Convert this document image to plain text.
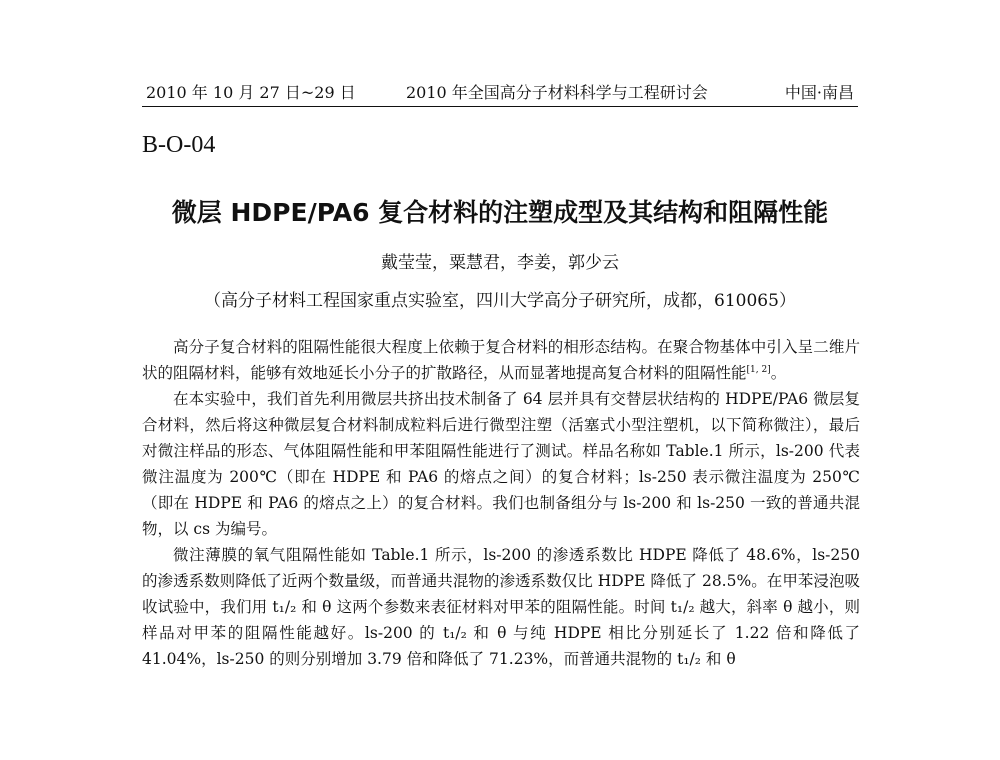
2010 年 10 月 27 日~29 日	2010 年全国高分子材料科学与工程研讨会	中国·南昌
B-O-04
微层 HDPE/PA6 复合材料的注塑成型及其结构和阻隔性能
戴莹莹，粟慧君，李姜，郭少云
（高分子材料工程国家重点实验室，四川大学高分子研究所，成都，610065）

高分子复合材料的阻隔性能很大程度上依赖于复合材料的相形态结构。在聚合物基体中引入呈二维片状的阻隔材料，能够有效地延长小分子的扩散路径，从而显著地提高复合材料的阻隔性能[1, 2]。

在本实验中，我们首先利用微层共挤出技术制备了 64 层并具有交替层状结构的 HDPE/PA6 微层复合材料，然后将这种微层复合材料制成粒料后进行微型注塑（活塞式小型注塑机，以下简称微注），最后对微注样品的形态、气体阻隔性能和甲苯阻隔性能进行了测试。样品名称如 Table.1 所示，ls-200 代表微注温度为 200℃（即在 HDPE 和 PA6 的熔点之间）的复合材料；ls-250 表示微注温度为 250℃（即在 HDPE 和 PA6 的熔点之上）的复合材料。我们也制备组分与 ls-200 和 ls-250 一致的普通共混物，以 cs 为编号。

微注薄膜的氧气阻隔性能如 Table.1 所示，ls-200 的渗透系数比 HDPE 降低了 48.6%，ls-250 的渗透系数则降低了近两个数量级，而普通共混物的渗透系数仅比 HDPE 降低了 28.5%。在甲苯浸泡吸收试验中，我们用 t₁/₂ 和 θ 这两个参数来表征材料对甲苯的阻隔性能。时间 t₁/₂ 越大，斜率 θ 越小，则样品对甲苯的阻隔性能越好。ls-200 的 t₁/₂ 和 θ 与纯 HDPE 相比分别延长了 1.22 倍和降低了 41.04%，ls-250 的则分别增加 3.79 倍和降低了 71.23%，而普通共混物的 t₁/₂ 和 θ
